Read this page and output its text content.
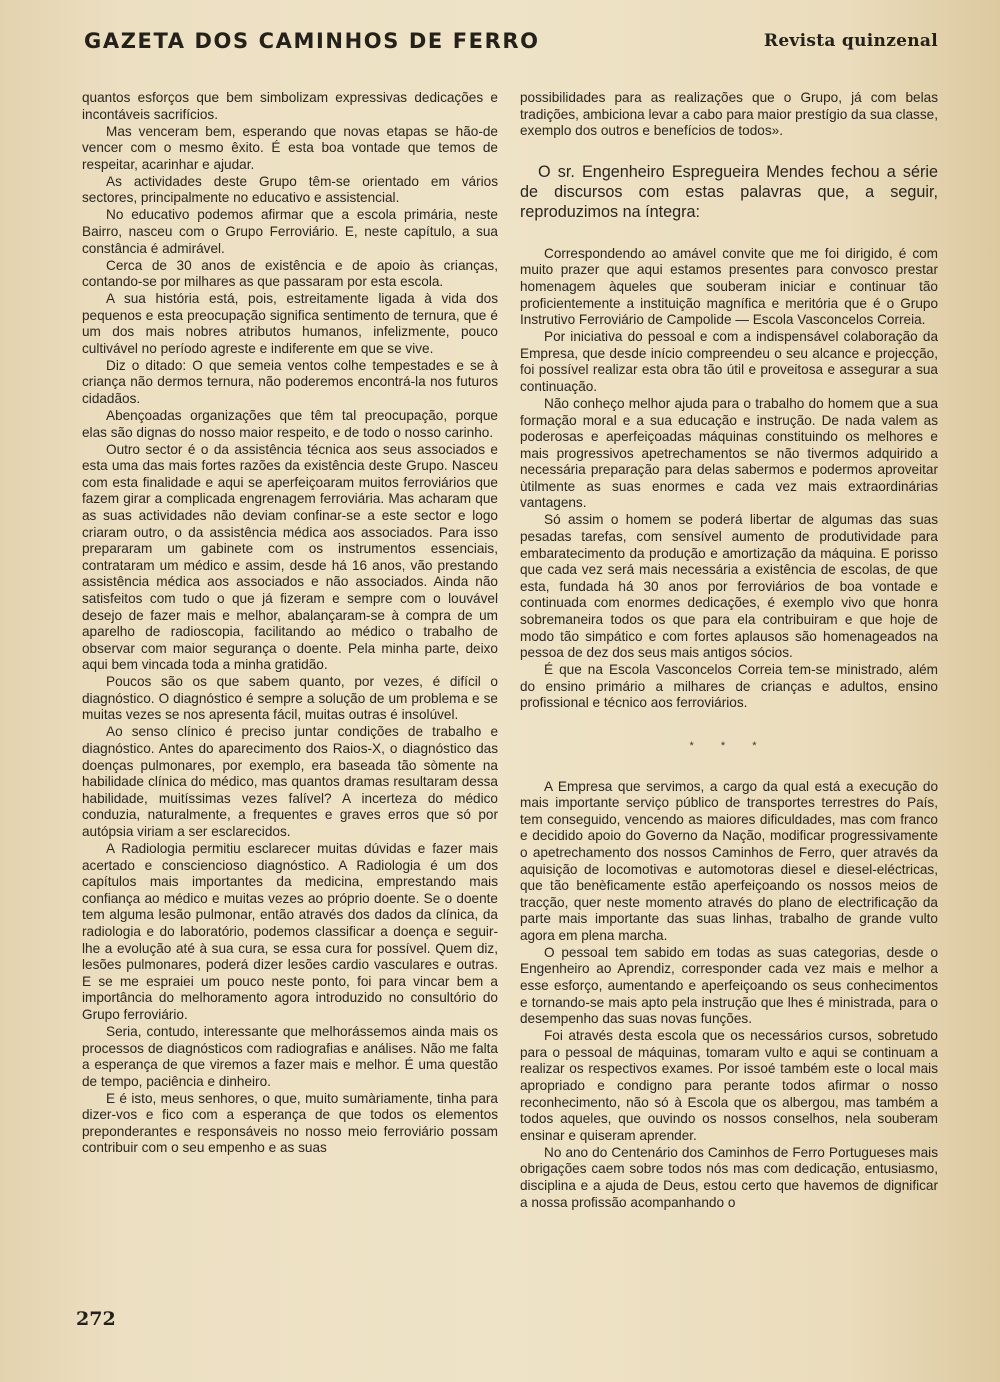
GAZETA DOS CAMINHOS DE FERRO	Revista quinzenal

quantos esforços que bem simbolizam expressivas dedicações e incontáveis sacrifícios.

Mas venceram bem, esperando que novas etapas se hão-de vencer com o mesmo êxito. É esta boa vontade que temos de respeitar, acarinhar e ajudar.

As actividades deste Grupo têm-se orientado em vários sectores, principalmente no educativo e assistencial.

No educativo podemos afirmar que a escola primária, neste Bairro, nasceu com o Grupo Ferroviário. E, neste capítulo, a sua constância é admirável.

Cerca de 30 anos de existência e de apoio às crianças, contando-se por milhares as que passaram por esta escola.

A sua história está, pois, estreitamente ligada à vida dos pequenos e esta preocupação significa sentimento de ternura, que é um dos mais nobres atributos humanos, infelizmente, pouco cultivável no período agreste e indiferente em que se vive.

Diz o ditado: O que semeia ventos colhe tempestades e se à criança não dermos ternura, não poderemos encontrá-la nos futuros cidadãos.

Abençoadas organizações que têm tal preocupação, porque elas são dignas do nosso maior respeito, e de todo o nosso carinho.

Outro sector é o da assistência técnica aos seus associados e esta uma das mais fortes razões da existência deste Grupo. Nasceu com esta finalidade e aqui se aperfeiçoaram muitos ferroviários que fazem girar a complicada engrenagem ferroviária. Mas acharam que as suas actividades não deviam confinar-se a este sector e logo criaram outro, o da assistência médica aos associados. Para isso prepararam um gabinete com os instrumentos essenciais, contrataram um médico e assim, desde há 16 anos, vão prestando assistência médica aos associados e não associados. Ainda não satisfeitos com tudo o que já fizeram e sempre com o louvável desejo de fazer mais e melhor, abalançaram-se à compra de um aparelho de radioscopia, facilitando ao médico o trabalho de observar com maior segurança o doente. Pela minha parte, deixo aqui bem vincada toda a minha gratidão.

Poucos são os que sabem quanto, por vezes, é difícil o diagnóstico. O diagnóstico é sempre a solução de um problema e se muitas vezes se nos apresenta fácil, muitas outras é insolúvel.

Ao senso clínico é preciso juntar condições de trabalho e diagnóstico. Antes do aparecimento dos Raios-X, o diagnóstico das doenças pulmonares, por exemplo, era baseada tão sòmente na habilidade clínica do médico, mas quantos dramas resultaram dessa habilidade, muitíssimas vezes falível? A incerteza do médico conduzia, naturalmente, a frequentes e graves erros que só por autópsia viriam a ser esclarecidos.

A Radiologia permitiu esclarecer muitas dúvidas e fazer mais acertado e consciencioso diagnóstico. A Radiologia é um dos capítulos mais importantes da medicina, emprestando mais confiança ao médico e muitas vezes ao próprio doente. Se o doente tem alguma lesão pulmonar, então através dos dados da clínica, da radiologia e do laboratório, podemos classificar a doença e seguir-lhe a evolução até à sua cura, se essa cura for possível. Quem diz, lesões pulmonares, poderá dizer lesões cardio vasculares e outras. E se me espraiei um pouco neste ponto, foi para vincar bem a importância do melhoramento agora introduzido no consultório do Grupo ferroviário.

Seria, contudo, interessante que melhorássemos ainda mais os processos de diagnósticos com radiografias e análises. Não me falta a esperança de que viremos a fazer mais e melhor. É uma questão de tempo, paciência e dinheiro.

E é isto, meus senhores, o que, muito sumàriamente, tinha para dizer-vos e fico com a esperança de que todos os elementos preponderantes e responsáveis no nosso meio ferroviário possam contribuir com o seu empenho e as suas

possibilidades para as realizações que o Grupo, já com belas tradições, ambiciona levar a cabo para maior prestígio da sua classe, exemplo dos outros e benefícios de todos».

O sr. Engenheiro Espregueira Mendes fechou a série de discursos com estas palavras que, a seguir, reproduzimos na íntegra:

Correspondendo ao amável convite que me foi dirigido, é com muito prazer que aqui estamos presentes para convosco prestar homenagem àqueles que souberam iniciar e continuar tão proficientemente a instituição magnífica e meritória que é o Grupo Instrutivo Ferroviário de Campolide — Escola Vasconcelos Correia.

Por iniciativa do pessoal e com a indispensável colaboração da Empresa, que desde início compreendeu o seu alcance e projecção, foi possível realizar esta obra tão útil e proveitosa e assegurar a sua continuação.

Não conheço melhor ajuda para o trabalho do homem que a sua formação moral e a sua educação e instrução. De nada valem as poderosas e aperfeiçoadas máquinas constituindo os melhores e mais progressivos apetrechamentos se não tivermos adquirido a necessária preparação para delas sabermos e podermos aproveitar ùtilmente as suas enormes e cada vez mais extraordinárias vantagens.

Só assim o homem se poderá libertar de algumas das suas pesadas tarefas, com sensível aumento de produtividade para embaratecimento da produção e amortização da máquina. E porisso que cada vez será mais necessária a existência de escolas, de que esta, fundada há 30 anos por ferroviários de boa vontade e continuada com enormes dedicações, é exemplo vivo que honra sobremaneira todos os que para ela contribuiram e que hoje de modo tão simpático e com fortes aplausos são homenageados na pessoa de dez dos seus mais antigos sócios.

É que na Escola Vasconcelos Correia tem-se ministrado, além do ensino primário a milhares de crianças e adultos, ensino profissional e técnico aos ferroviários.

* * *

A Empresa que servimos, a cargo da qual está a execução do mais importante serviço público de transportes terrestres do País, tem conseguido, vencendo as maiores dificuldades, mas com franco e decidido apoio do Governo da Nação, modificar progressivamente o apetrechamento dos nossos Caminhos de Ferro, quer através da aquisição de locomotivas e automotoras diesel e diesel-eléctricas, que tão benèficamente estão aperfeiçoando os nossos meios de tracção, quer neste momento através do plano de electrificação da parte mais importante das suas linhas, trabalho de grande vulto agora em plena marcha.

O pessoal tem sabido em todas as suas categorias, desde o Engenheiro ao Aprendiz, corresponder cada vez mais e melhor a esse esforço, aumentando e aperfeiçoando os seus conhecimentos e tornando-se mais apto pela instrução que lhes é ministrada, para o desempenho das suas novas funções.

Foi através desta escola que os necessários cursos, sobretudo para o pessoal de máquinas, tomaram vulto e aqui se continuam a realizar os respectivos exames. Por issoé também este o local mais apropriado e condigno para perante todos afirmar o nosso reconhecimento, não só à Escola que os albergou, mas também a todos aqueles, que ouvindo os nossos conselhos, nela souberam ensinar e quiseram aprender.

No ano do Centenário dos Caminhos de Ferro Portugueses mais obrigações caem sobre todos nós mas com dedicação, entusiasmo, disciplina e a ajuda de Deus, estou certo que havemos de dignificar a nossa profissão acompanhando o

272
